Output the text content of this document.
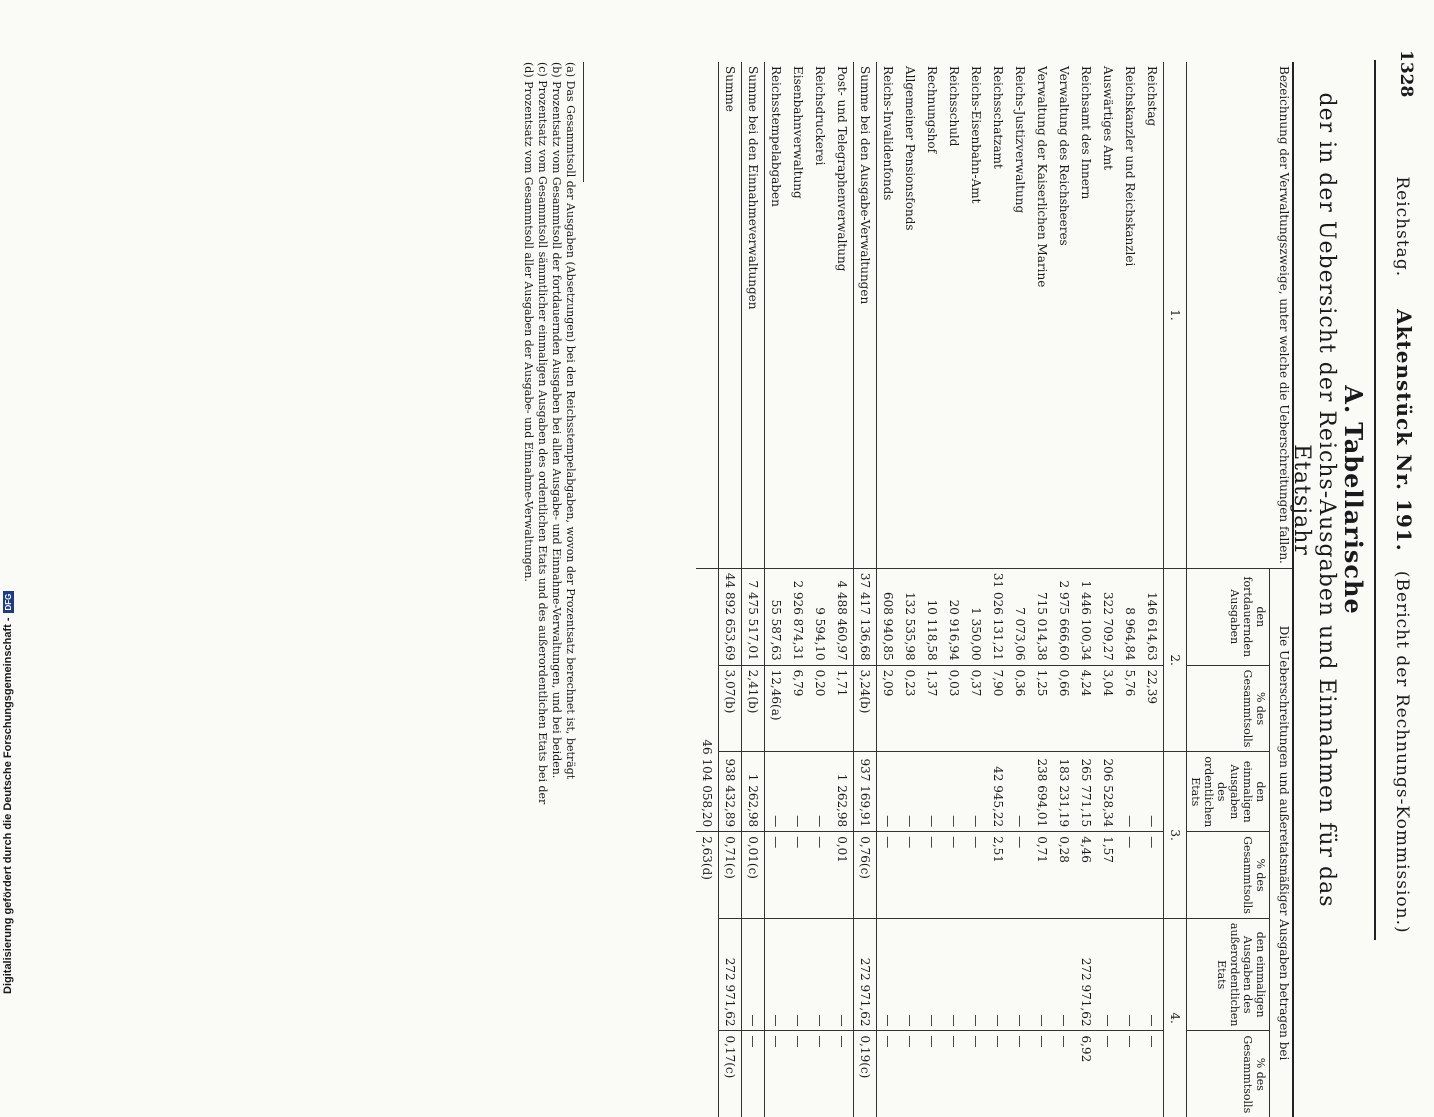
1328
Reichstag.     Aktenstück Nr. 191.   (Bericht der Rechnungs-Kommission.)
A. Tabellarische
der in der Uebersicht der Reichs-Ausgaben und Einnahmen für das Etatsjahr
Bezeichnung der Verwaltungszweige, unter welche die Ueberschreitungen fallen.	Die Ueberschreitungen und außeretatsmäßiger Ausgaben betragen bei					
	den fortdauernden Ausgaben	% des Gesammtsolls	den einmaligen Ausgaben des ordentlichen Etats	% des Gesammtsolls	den einmaligen Ausgaben des außerordentlichen Etats	% des Gesammtsolls
1.	2.		3.		4.	
Reichstag	146 614,63	22,39	—	—	—	—
Reichskanzler und Reichskanzlei	8 964,84	5,76	—	—	—	—
Auswärtiges Amt	322 709,27	3,04	206 528,34	1,57	—	—
Reichsamt des Innern	1 446 100,34	4,24	265 771,15	4,46	272 971,62	6,92
Verwaltung des Reichsheeres	2 975 666,60	0,66	183 231,19	0,28	—	—
Verwaltung der Kaiserlichen Marine	715 014,38	1,25	238 694,01	0,71	—	—
Reichs-Justizverwaltung	7 073,06	0,36	—	—	—	—
Reichsschatzamt	31 026 131,21	7,90	42 945,22	2,51	—	—
Reichs-Eisenbahn-Amt	1 350,00	0,37	—	—	—	—
Reichsschuld	20 916,94	0,03	—	—	—	—
Rechnungshof	10 118,58	1,37	—	—	—	—
Allgemeiner Pensionsfonds	132 535,98	0,23	—	—	—	—
Reichs-Invalidenfonds	608 940,85	2,09	—	—	—	—
Summe bei den Ausgabe-Verwaltungen	37 417 136,68	3,24(b)	937 169,91	0,76(c)	272 971,62	0,19(c)
Post- und Telegraphenverwaltung	4 488 460,97	1,71	1 262,98	0,01	—	—
Reichsdruckerei	9 594,10	0,20	—	—	—	—
Eisenbahnverwaltung	2 926 874,31	6,79	—	—	—	—
Reichsstempelabgaben	55 587,63	12,46(a)	—	—	—	—
Summe bei den Einnahmeverwaltungen	7 475 517,01	2,41(b)	1 262,98	0,01(c)	—	—
Summe	44 892 653,69	3,07(b)	938 432,89	0,71(c)	272 971,62	0,17(c)
	46 104 058,20			2,63(d)		
(a) Das Gesammtsoll der Ausgaben (Absetzungen) bei den Reichsstempelabgaben, wovon der Prozentsatz berechnet ist, beträgt
(b) Prozentsatz vom Gesammtsoll der fortdauernden Ausgaben bei allen Ausgabe- und Einnahme-Verwaltungen, und bei beiden.
(c) Prozentsatz vom Gesammtsoll sämmtlicher einmaligen Ausgaben des ordentlichen Etats und des außerordentlichen Etats bei der
(d) Prozentsatz vom Gesammtsoll aller Ausgaben der Ausgabe- und Einnahme-Verwaltungen.
Digitalisierung gefördert durch die Deutsche Forschungsgemeinschaft -DFG
